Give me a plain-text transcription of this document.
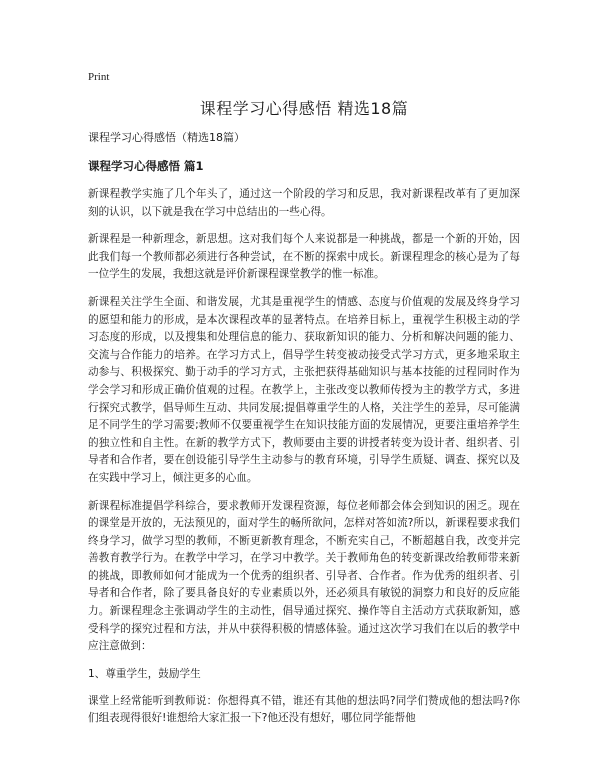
Print

课程学习心得感悟 精选18篇

课程学习心得感悟（精选18篇）

课程学习心得感悟 篇1

新课程教学实施了几个年头了，通过这一个阶段的学习和反思，我对新课程改革有了更加深刻的认识，以下就是我在学习中总结出的一些心得。

新课程是一种新理念，新思想。这对我们每个人来说都是一种挑战，都是一个新的开始，因此我们每一个教师都必须进行各种尝试，在不断的探索中成长。新课程理念的核心是为了每一位学生的发展，我想这就是评价新课程课堂教学的惟一标准。

新课程关注学生全面、和谐发展，尤其是重视学生的情感、态度与价值观的发展及终身学习的愿望和能力的形成，是本次课程改革的显著特点。在培养目标上，重视学生积极主动的学习态度的形成，以及搜集和处理信息的能力、获取新知识的能力、分析和解决问题的能力、交流与合作能力的培养。在学习方式上，倡导学生转变被动接受式学习方式，更多地采取主动参与、积极探究、勤于动手的学习方式，主张把获得基础知识与基本技能的过程同时作为学会学习和形成正确价值观的过程。在教学上，主张改变以教师传授为主的教学方式，多进行探究式教学，倡导师生互动、共同发展;提倡尊重学生的人格，关注学生的差异，尽可能满足不同学生的学习需要;教师不仅要重视学生在知识技能方面的发展情况，更要注重培养学生的独立性和自主性。在新的教学方式下，教师要由主要的讲授者转变为设计者、组织者、引导者和合作者，要在创设能引导学生主动参与的教育环境，引导学生质疑、调查、探究以及在实践中学习上，倾注更多的心血。

新课程标准提倡学科综合，要求教师开发课程资源，每位老师都会体会到知识的困乏。现在的课堂是开放的，无法预见的，面对学生的畅所欲问，怎样对答如流?所以，新课程要求我们终身学习，做学习型的教师，不断更新教育理念，不断充实自己，不断超越自我，改变并完善教育教学行为。在教学中学习，在学习中教学。关于教师角色的转变新课改给教师带来新的挑战，即教师如何才能成为一个优秀的组织者、引导者、合作者。作为优秀的组织者、引导者和合作者，除了要具备良好的专业素质以外，还必须具有敏锐的洞察力和良好的反应能力。新课程理念主张调动学生的主动性，倡导通过探究、操作等自主活动方式获取新知，感受科学的探究过程和方法，并从中获得积极的情感体验。通过这次学习我们在以后的教学中应注意做到：

1、尊重学生，鼓励学生

课堂上经常能听到教师说：你想得真不错，谁还有其他的想法吗?同学们赞成他的想法吗?你们组表现得很好!谁想给大家汇报一下?他还没有想好，哪位同学能帮他
